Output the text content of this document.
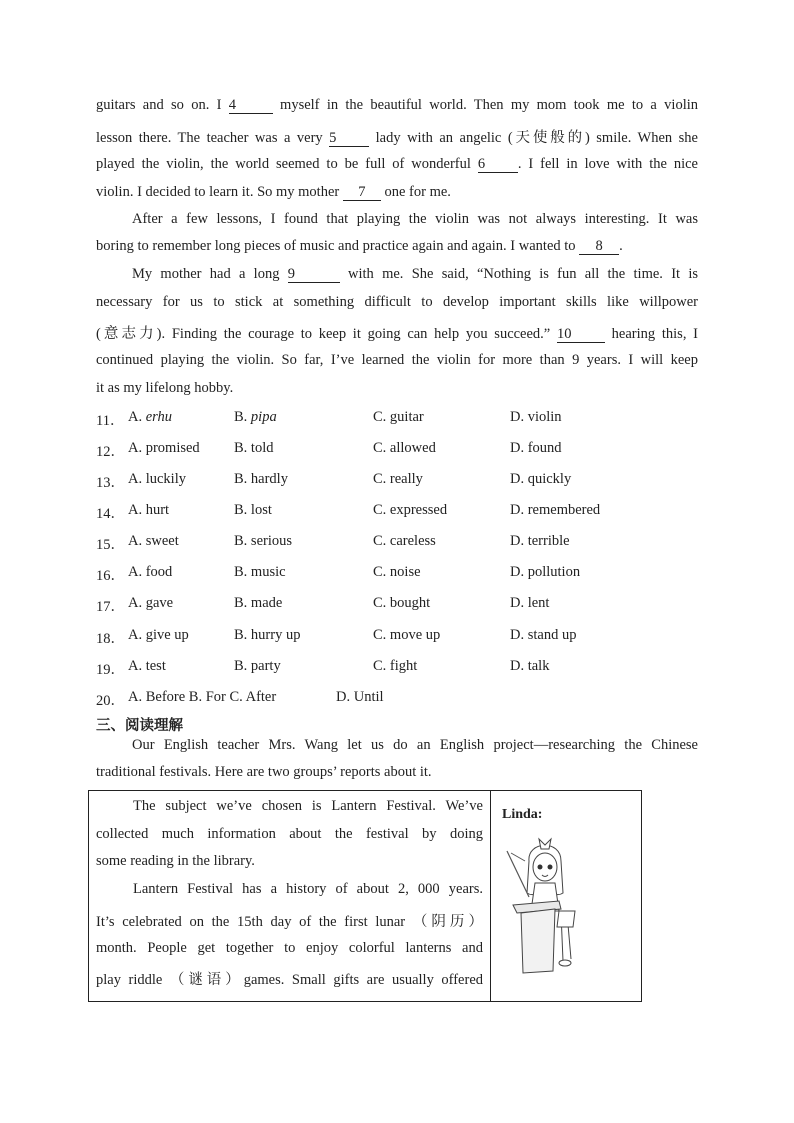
guitars and so on. I 4	myself in the beautiful world. Then my mom took me to a violin
lesson there. The teacher was a very 5 lady with an angelic (天使般的) smile. When she
played the violin, the world seemed to be full of wonderful 6 . I fell in love with the nice
violin. I decided to learn it. So my mother 7 one for me.
After a few lessons, I found that playing the violin was not always interesting. It was
boring to remember long pieces of music and practice again and again. I wanted to 8 .
My mother had a long 9	with me. She said, “Nothing is fun all the time. It is
necessary for us to stick at something difficult to develop important skills like willpower
(意志力). Finding the courage to keep it going can help you succeed.” 10 hearing this, I
continued playing the violin. So far, I’ve learned the violin for more than 9 years. I will keep
it as my lifelong hobby.
11． A. erhu	B. pipa	C. guitar	D. violin
12． A. promised B. told	C. allowed	D. found
13． A. luckily	B. hardly	C. really	D. quickly
14． A. hurt	B. lost	C. expressed	D. remembered
15． A. sweet	B. serious	C. careless	D. terrible
16． A. food	B. music	C. noise	D. pollution
17． A. gave	B. made	C. bought	D. lent
18． A. give up	B. hurry up	C. move up	D. stand up
19． A. test	B. party	C. fight	D. talk
20． A. Before B. For C. After	D. Until
三、阅读理解
Our English teacher Mrs. Wang let us do an English project—researching the Chinese
traditional festivals. Here are two groups’ reports about it.
The subject we’ve chosen is Lantern Festival. We’ve
collected much information about the festival by doing
some reading in the library.
Lantern Festival has a history of about 2, 000 years.
It’s celebrated on the 15th day of the first lunar （阴历）
month. People get together to enjoy colorful lanterns and
play riddle （谜语）games. Small gifts are usually offered
Linda:
